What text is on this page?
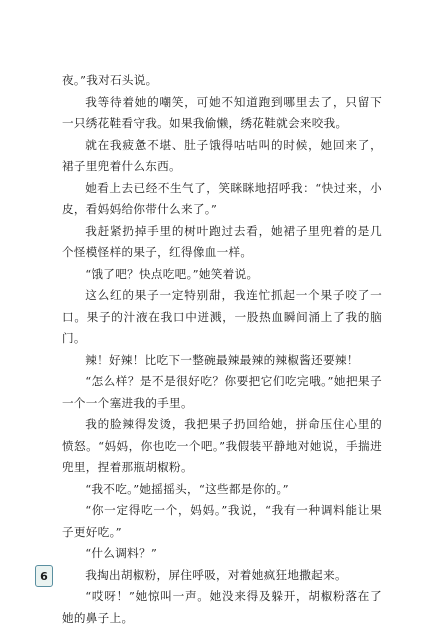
夜。”我对石头说。

我等待着她的嘲笑，可她不知道跑到哪里去了，只留下一只绣花鞋看守我。如果我偷懒，绣花鞋就会来咬我。

就在我疲惫不堪、肚子饿得咕咕叫的时候，她回来了，裙子里兜着什么东西。

她看上去已经不生气了，笑眯眯地招呼我：“快过来，小皮，看妈妈给你带什么来了。”

我赶紧扔掉手里的树叶跑过去看，她裙子里兜着的是几个怪模怪样的果子，红得像血一样。

“饿了吧？快点吃吧。”她笑着说。

这么红的果子一定特别甜，我连忙抓起一个果子咬了一口。果子的汁液在我口中迸溅，一股热血瞬间涌上了我的脑门。

辣！好辣！比吃下一整碗最辣最辣的辣椒酱还要辣！

“怎么样？是不是很好吃？你要把它们吃完哦。”她把果子一个一个塞进我的手里。

我的脸辣得发烫，我把果子扔回给她，拼命压住心里的愤怒。“妈妈，你也吃一个吧。”我假装平静地对她说，手揣进兜里，捏着那瓶胡椒粉。

“我不吃。”她摇摇头，“这些都是你的。”

“你一定得吃一个，妈妈。”我说，“我有一种调料能让果子更好吃。”

“什么调料？”

我掏出胡椒粉，屏住呼吸，对着她疯狂地撒起来。

“哎呀！”她惊叫一声。她没来得及躲开，胡椒粉落在了她的鼻子上。

6
